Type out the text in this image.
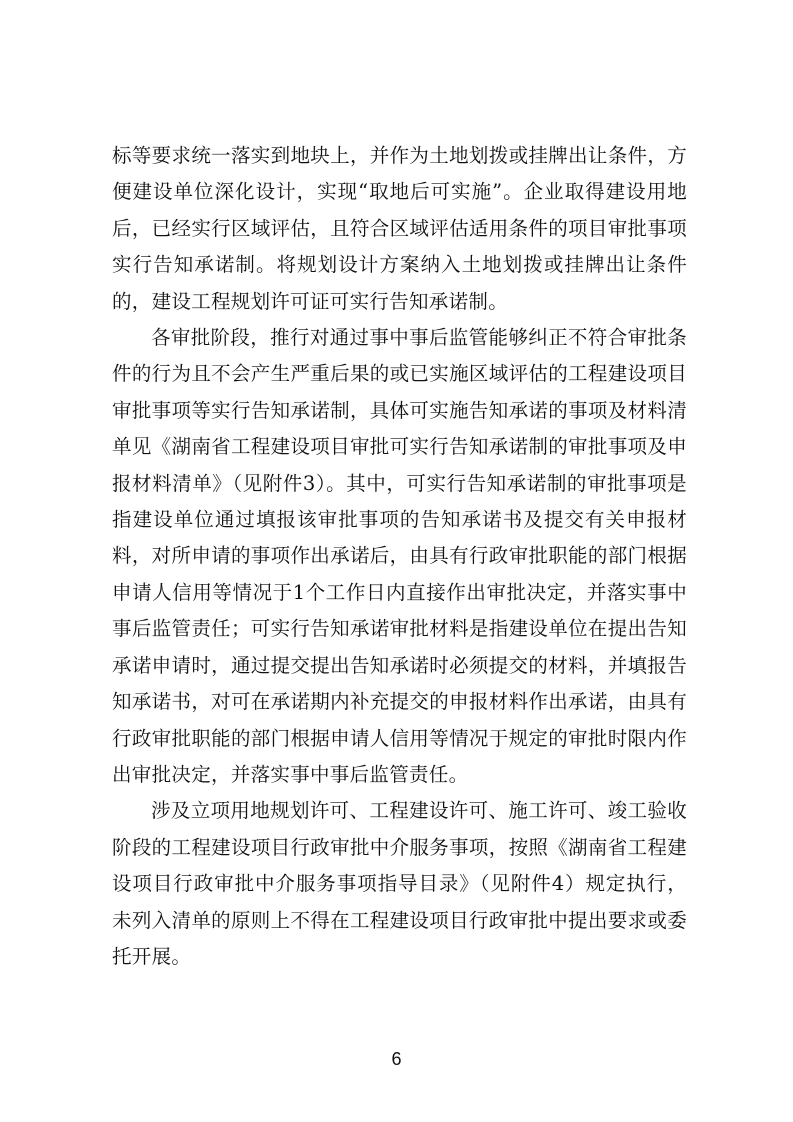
标等要求统一落实到地块上，并作为土地划拨或挂牌出让条件，方便建设单位深化设计，实现“取地后可实施”。企业取得建设用地后，已经实行区域评估，且符合区域评估适用条件的项目审批事项实行告知承诺制。将规划设计方案纳入土地划拨或挂牌出让条件的，建设工程规划许可证可实行告知承诺制。

各审批阶段，推行对通过事中事后监管能够纠正不符合审批条件的行为且不会产生严重后果的或已实施区域评估的工程建设项目审批事项等实行告知承诺制，具体可实施告知承诺的事项及材料清单见《湖南省工程建设项目审批可实行告知承诺制的审批事项及申报材料清单》（见附件3）。其中，可实行告知承诺制的审批事项是指建设单位通过填报该审批事项的告知承诺书及提交有关申报材料，对所申请的事项作出承诺后，由具有行政审批职能的部门根据申请人信用等情况于1个工作日内直接作出审批决定，并落实事中事后监管责任；可实行告知承诺审批材料是指建设单位在提出告知承诺申请时，通过提交提出告知承诺时必须提交的材料，并填报告知承诺书，对可在承诺期内补充提交的申报材料作出承诺，由具有行政审批职能的部门根据申请人信用等情况于规定的审批时限内作出审批决定，并落实事中事后监管责任。

涉及立项用地规划许可、工程建设许可、施工许可、竣工验收阶段的工程建设项目行政审批中介服务事项，按照《湖南省工程建设项目行政审批中介服务事项指导目录》（见附件4）规定执行，未列入清单的原则上不得在工程建设项目行政审批中提出要求或委托开展。

6
